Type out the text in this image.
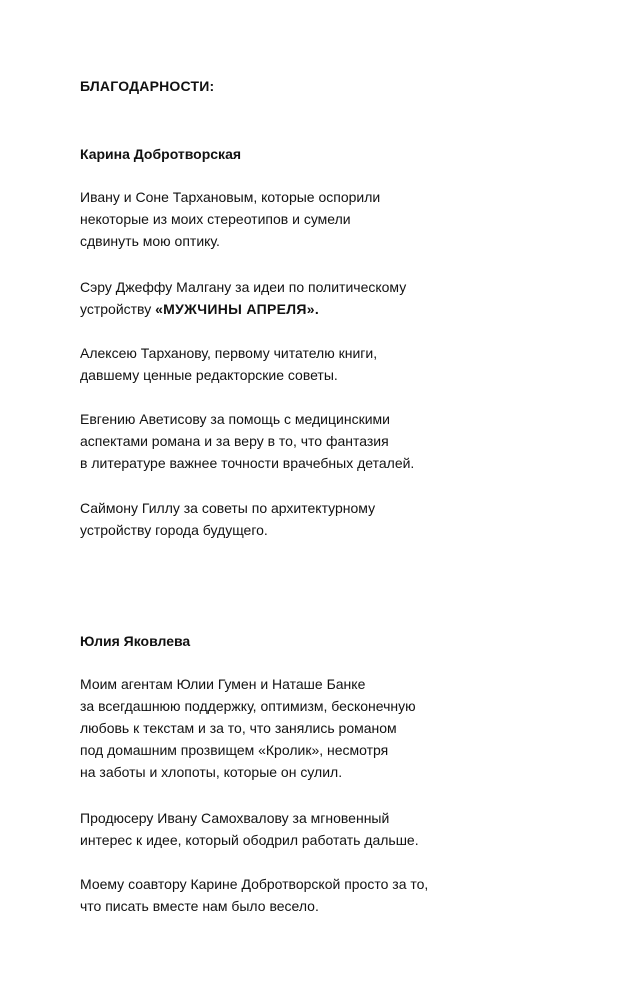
БЛАГОДАРНОСТИ:
Карина Добротворская

Ивану и Соне Тархановым, которые оспорили
некоторые из моих стереотипов и сумели
сдвинуть мою оптику.

Сэру Джеффу Малгану за идеи по политическому
устройству «МУЖЧИНЫ АПРЕЛЯ».

Алексею Тарханову, первому читателю книги,
давшему ценные редакторские советы.

Евгению Аветисову за помощь с медицинскими
аспектами романа и за веру в то, что фантазия
в литературе важнее точности врачебных деталей.

Саймону Гиллу за советы по архитектурному
устройству города будущего.

Юлия Яковлева

Моим агентам Юлии Гумен и Наташе Банке
за всегдашнюю поддержку, оптимизм, бесконечную
любовь к текстам и за то, что занялись романом
под домашним прозвищем «Кролик», несмотря
на заботы и хлопоты, которые он сулил.

Продюсеру Ивану Самохвалову за мгновенный
интерес к идее, который ободрил работать дальше.

Моему соавтору Карине Добротворской просто за то,
что писать вместе нам было весело.
